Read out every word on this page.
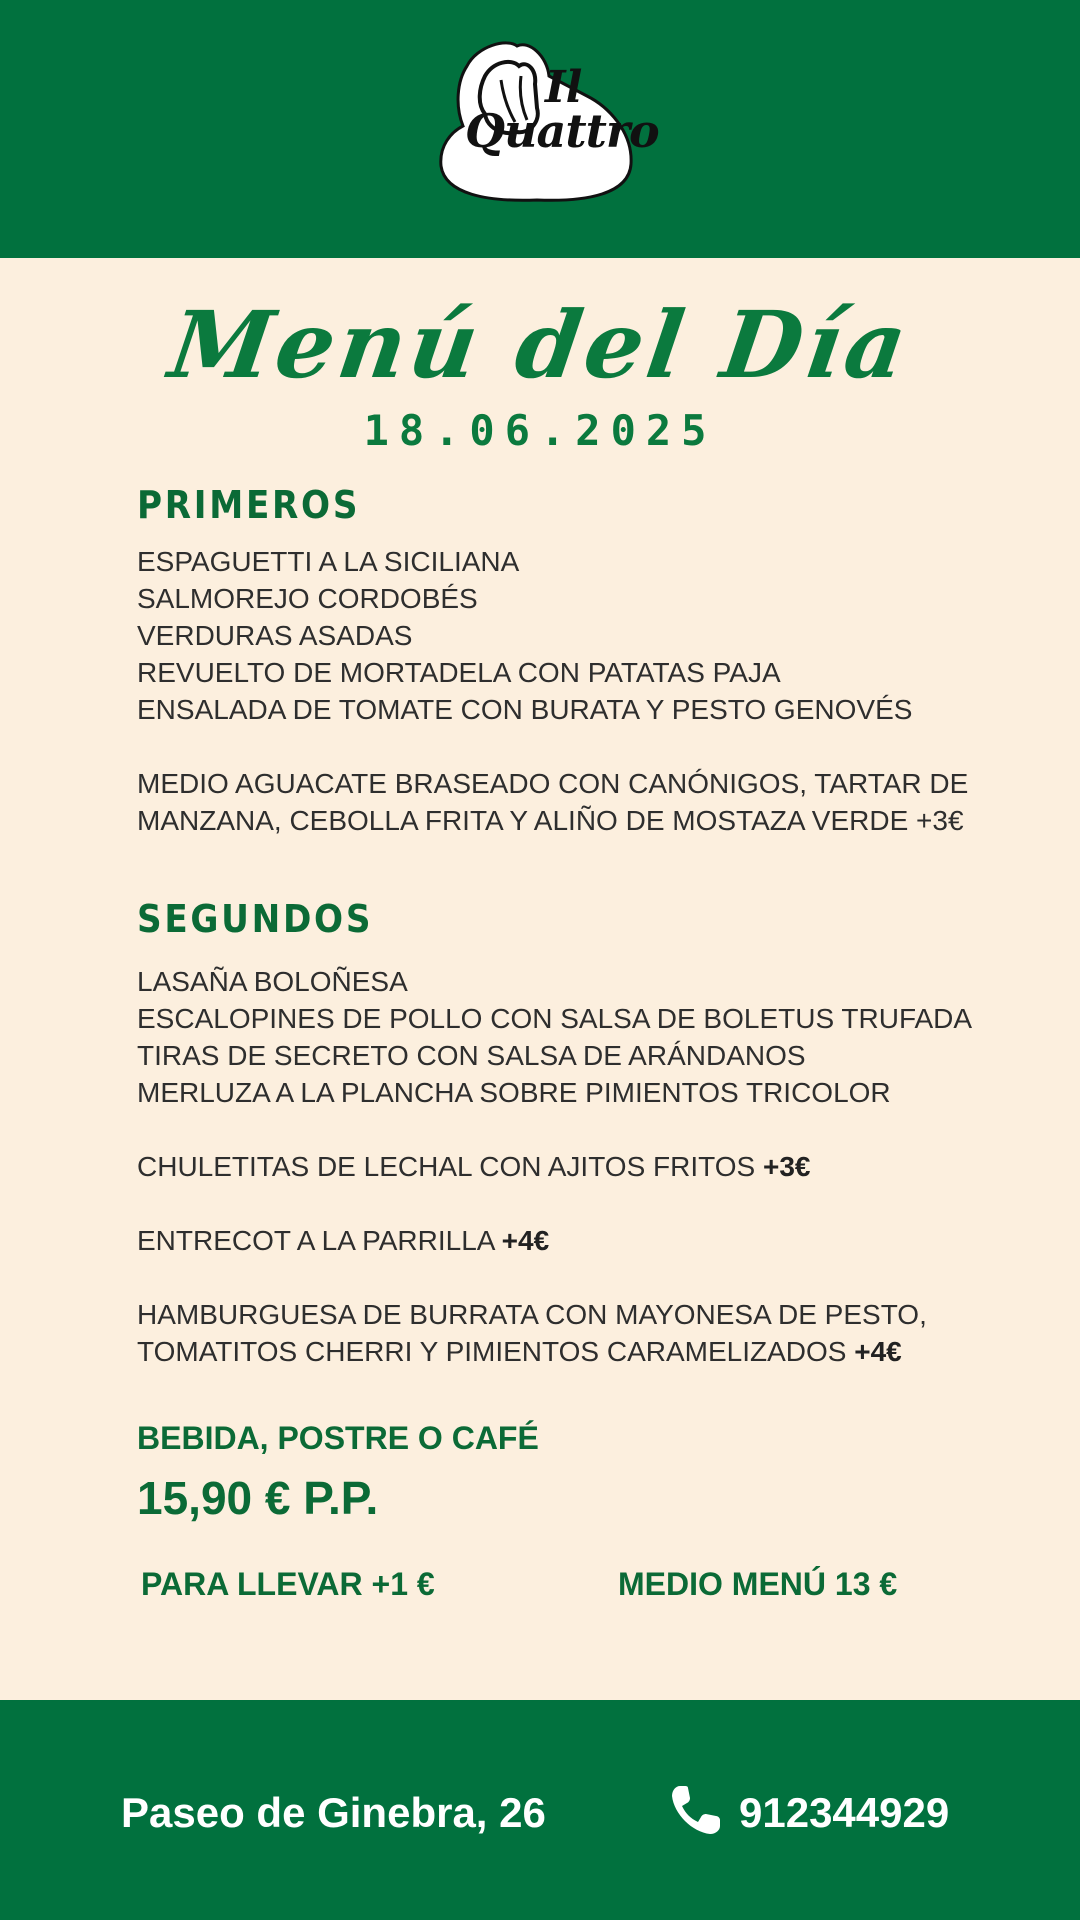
Il
Quattro
Menú del Día
18.06.2025
PRIMEROS
ESPAGUETTI A LA SICILIANA
SALMOREJO CORDOBÉS
VERDURAS ASADAS
REVUELTO DE MORTADELA CON PATATAS PAJA
ENSALADA DE TOMATE CON BURATA Y PESTO GENOVÉS
MEDIO AGUACATE BRASEADO CON CANÓNIGOS, TARTAR DE
MANZANA, CEBOLLA FRITA Y ALIÑO DE MOSTAZA VERDE +3€
SEGUNDOS
LASAÑA BOLOÑESA
ESCALOPINES DE POLLO CON SALSA DE BOLETUS TRUFADA
TIRAS DE SECRETO CON SALSA DE ARÁNDANOS
MERLUZA A LA PLANCHA SOBRE PIMIENTOS TRICOLOR
CHULETITAS DE LECHAL CON AJITOS FRITOS +3€
ENTRECOT A LA PARRILLA +4€
HAMBURGUESA DE BURRATA CON MAYONESA DE PESTO,
TOMATITOS CHERRI Y PIMIENTOS CARAMELIZADOS +4€
BEBIDA, POSTRE O CAFÉ
15,90 € P.P.
PARA LLEVAR +1 €	MEDIO MENÚ 13 €
Paseo de Ginebra, 26	912344929
